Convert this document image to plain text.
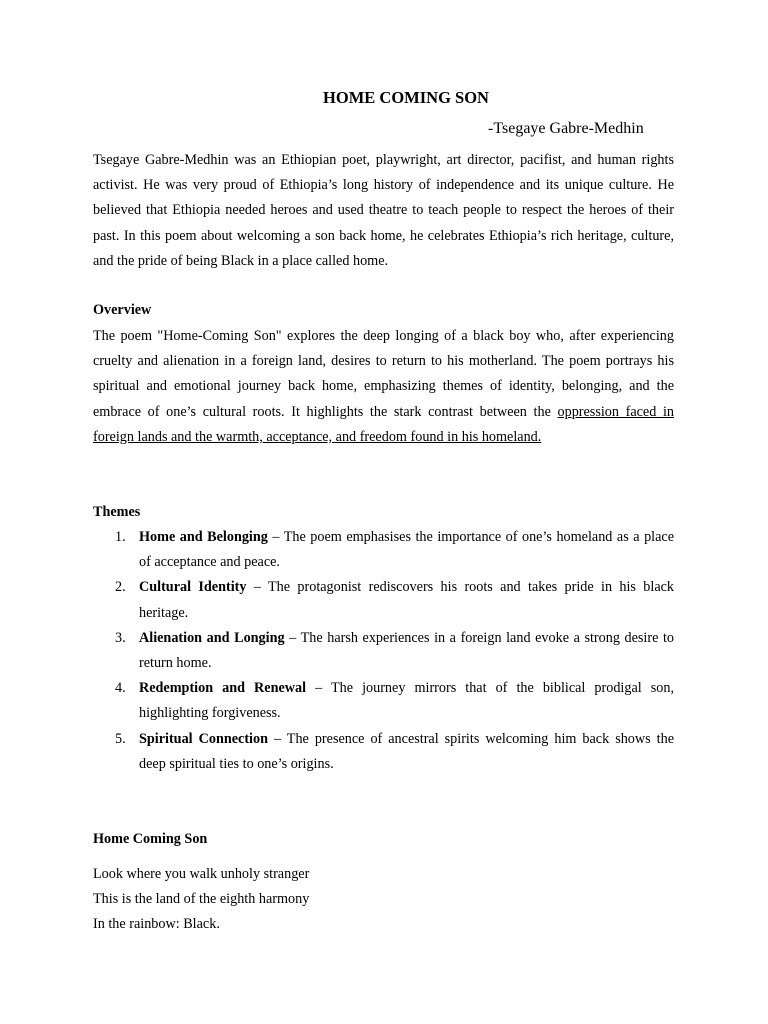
HOME COMING SON
-Tsegaye Gabre-Medhin

Tsegaye Gabre-Medhin was an Ethiopian poet, playwright, art director, pacifist, and human rights activist. He was very proud of Ethiopia’s long history of independence and its unique culture. He believed that Ethiopia needed heroes and used theatre to teach people to respect the heroes of their past. In this poem about welcoming a son back home, he celebrates Ethiopia’s rich heritage, culture, and the pride of being Black in a place called home.

Overview

The poem "Home-Coming Son" explores the deep longing of a black boy who, after experiencing cruelty and alienation in a foreign land, desires to return to his motherland. The poem portrays his spiritual and emotional journey back home, emphasizing themes of identity, belonging, and the embrace of one’s cultural roots. It highlights the stark contrast between the oppression faced in foreign lands and the warmth, acceptance, and freedom found in his homeland.

Themes
1. Home and Belonging – The poem emphasises the importance of one’s homeland as a place of acceptance and peace.
2. Cultural Identity – The protagonist rediscovers his roots and takes pride in his black heritage.
3. Alienation and Longing – The harsh experiences in a foreign land evoke a strong desire to return home.
4. Redemption and Renewal – The journey mirrors that of the biblical prodigal son, highlighting forgiveness.
5. Spiritual Connection – The presence of ancestral spirits welcoming him back shows the deep spiritual ties to one’s origins.
Home Coming Son
Look where you walk unholy stranger
This is the land of the eighth harmony
In the rainbow: Black.
